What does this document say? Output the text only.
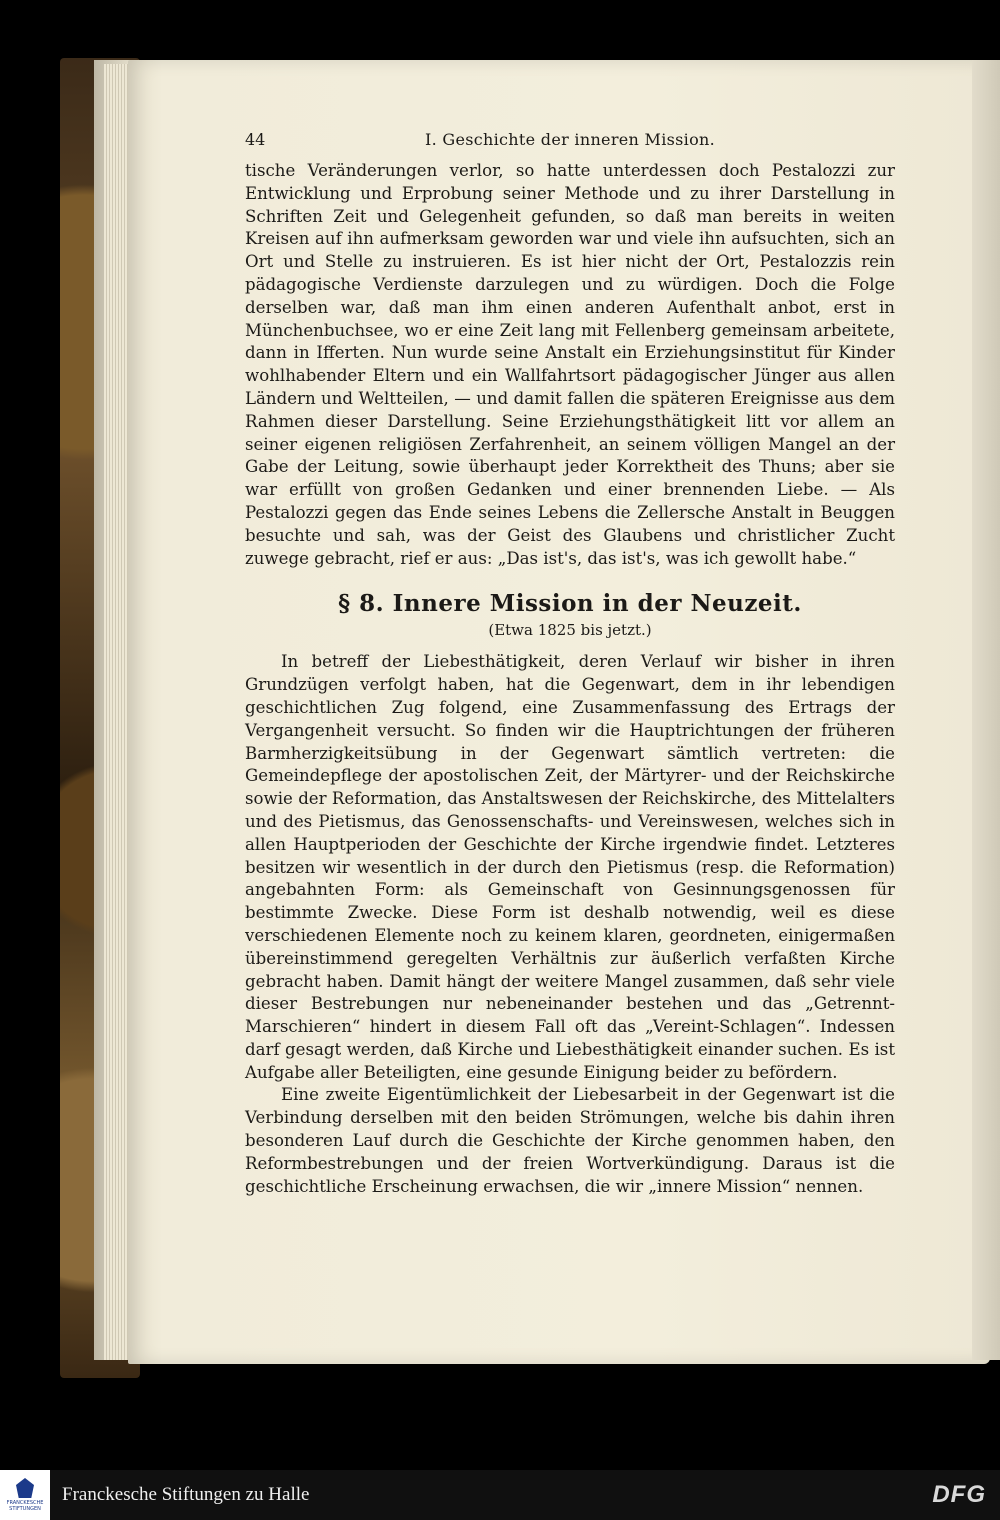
44	I. Geschichte der inneren Mission.

tische Veränderungen verlor, so hatte unterdessen doch Pestalozzi zur Entwicklung und Erprobung seiner Methode und zu ihrer Darstellung in Schriften Zeit und Gelegenheit gefunden, so daß man bereits in weiten Kreisen auf ihn aufmerksam geworden war und viele ihn aufsuchten, sich an Ort und Stelle zu instruieren. Es ist hier nicht der Ort, Pestalozzis rein pädagogische Verdienste darzulegen und zu würdigen. Doch die Folge derselben war, daß man ihm einen anderen Aufenthalt anbot, erst in Münchenbuchsee, wo er eine Zeit lang mit Fellenberg gemeinsam arbeitete, dann in Ifferten. Nun wurde seine Anstalt ein Erziehungsinstitut für Kinder wohlhabender Eltern und ein Wallfahrtsort pädagogischer Jünger aus allen Ländern und Weltteilen, — und damit fallen die späteren Ereignisse aus dem Rahmen dieser Darstellung. Seine Erziehungsthätigkeit litt vor allem an seiner eigenen religiösen Zerfahrenheit, an seinem völligen Mangel an der Gabe der Leitung, sowie überhaupt jeder Korrektheit des Thuns; aber sie war erfüllt von großen Gedanken und einer brennenden Liebe. — Als Pestalozzi gegen das Ende seines Lebens die Zellersche Anstalt in Beuggen besuchte und sah, was der Geist des Glaubens und christlicher Zucht zuwege gebracht, rief er aus: „Das ist's, das ist's, was ich gewollt habe.“

§ 8. Innere Mission in der Neuzeit.
(Etwa 1825 bis jetzt.)

In betreff der Liebesthätigkeit, deren Verlauf wir bisher in ihren Grundzügen verfolgt haben, hat die Gegenwart, dem in ihr lebendigen geschichtlichen Zug folgend, eine Zusammenfassung des Ertrags der Vergangenheit versucht. So finden wir die Hauptrichtungen der früheren Barmherzigkeitsübung in der Gegenwart sämtlich vertreten: die Gemeindepflege der apostolischen Zeit, der Märtyrer- und der Reichskirche sowie der Reformation, das Anstaltswesen der Reichskirche, des Mittelalters und des Pietismus, das Genossenschafts- und Vereinswesen, welches sich in allen Hauptperioden der Geschichte der Kirche irgendwie findet. Letzteres besitzen wir wesentlich in der durch den Pietismus (resp. die Reformation) angebahnten Form: als Gemeinschaft von Gesinnungsgenossen für bestimmte Zwecke. Diese Form ist deshalb notwendig, weil es diese verschiedenen Elemente noch zu keinem klaren, geordneten, einigermaßen übereinstimmend geregelten Verhältnis zur äußerlich verfaßten Kirche gebracht haben. Damit hängt der weitere Mangel zusammen, daß sehr viele dieser Bestrebungen nur nebeneinander bestehen und das „Getrennt-Marschieren“ hindert in diesem Fall oft das „Vereint-Schlagen“. Indessen darf gesagt werden, daß Kirche und Liebesthätigkeit einander suchen. Es ist Aufgabe aller Beteiligten, eine gesunde Einigung beider zu befördern.

Eine zweite Eigentümlichkeit der Liebesarbeit in der Gegenwart ist die Verbindung derselben mit den beiden Strömungen, welche bis dahin ihren besonderen Lauf durch die Geschichte der Kirche genommen haben, den Reformbestrebungen und der freien Wortverkündigung. Daraus ist die geschichtliche Erscheinung erwachsen, die wir „innere Mission“ nennen.

FRANCKESCHE STIFTUNGEN
Franckesche Stiftungen zu Halle	DFG
